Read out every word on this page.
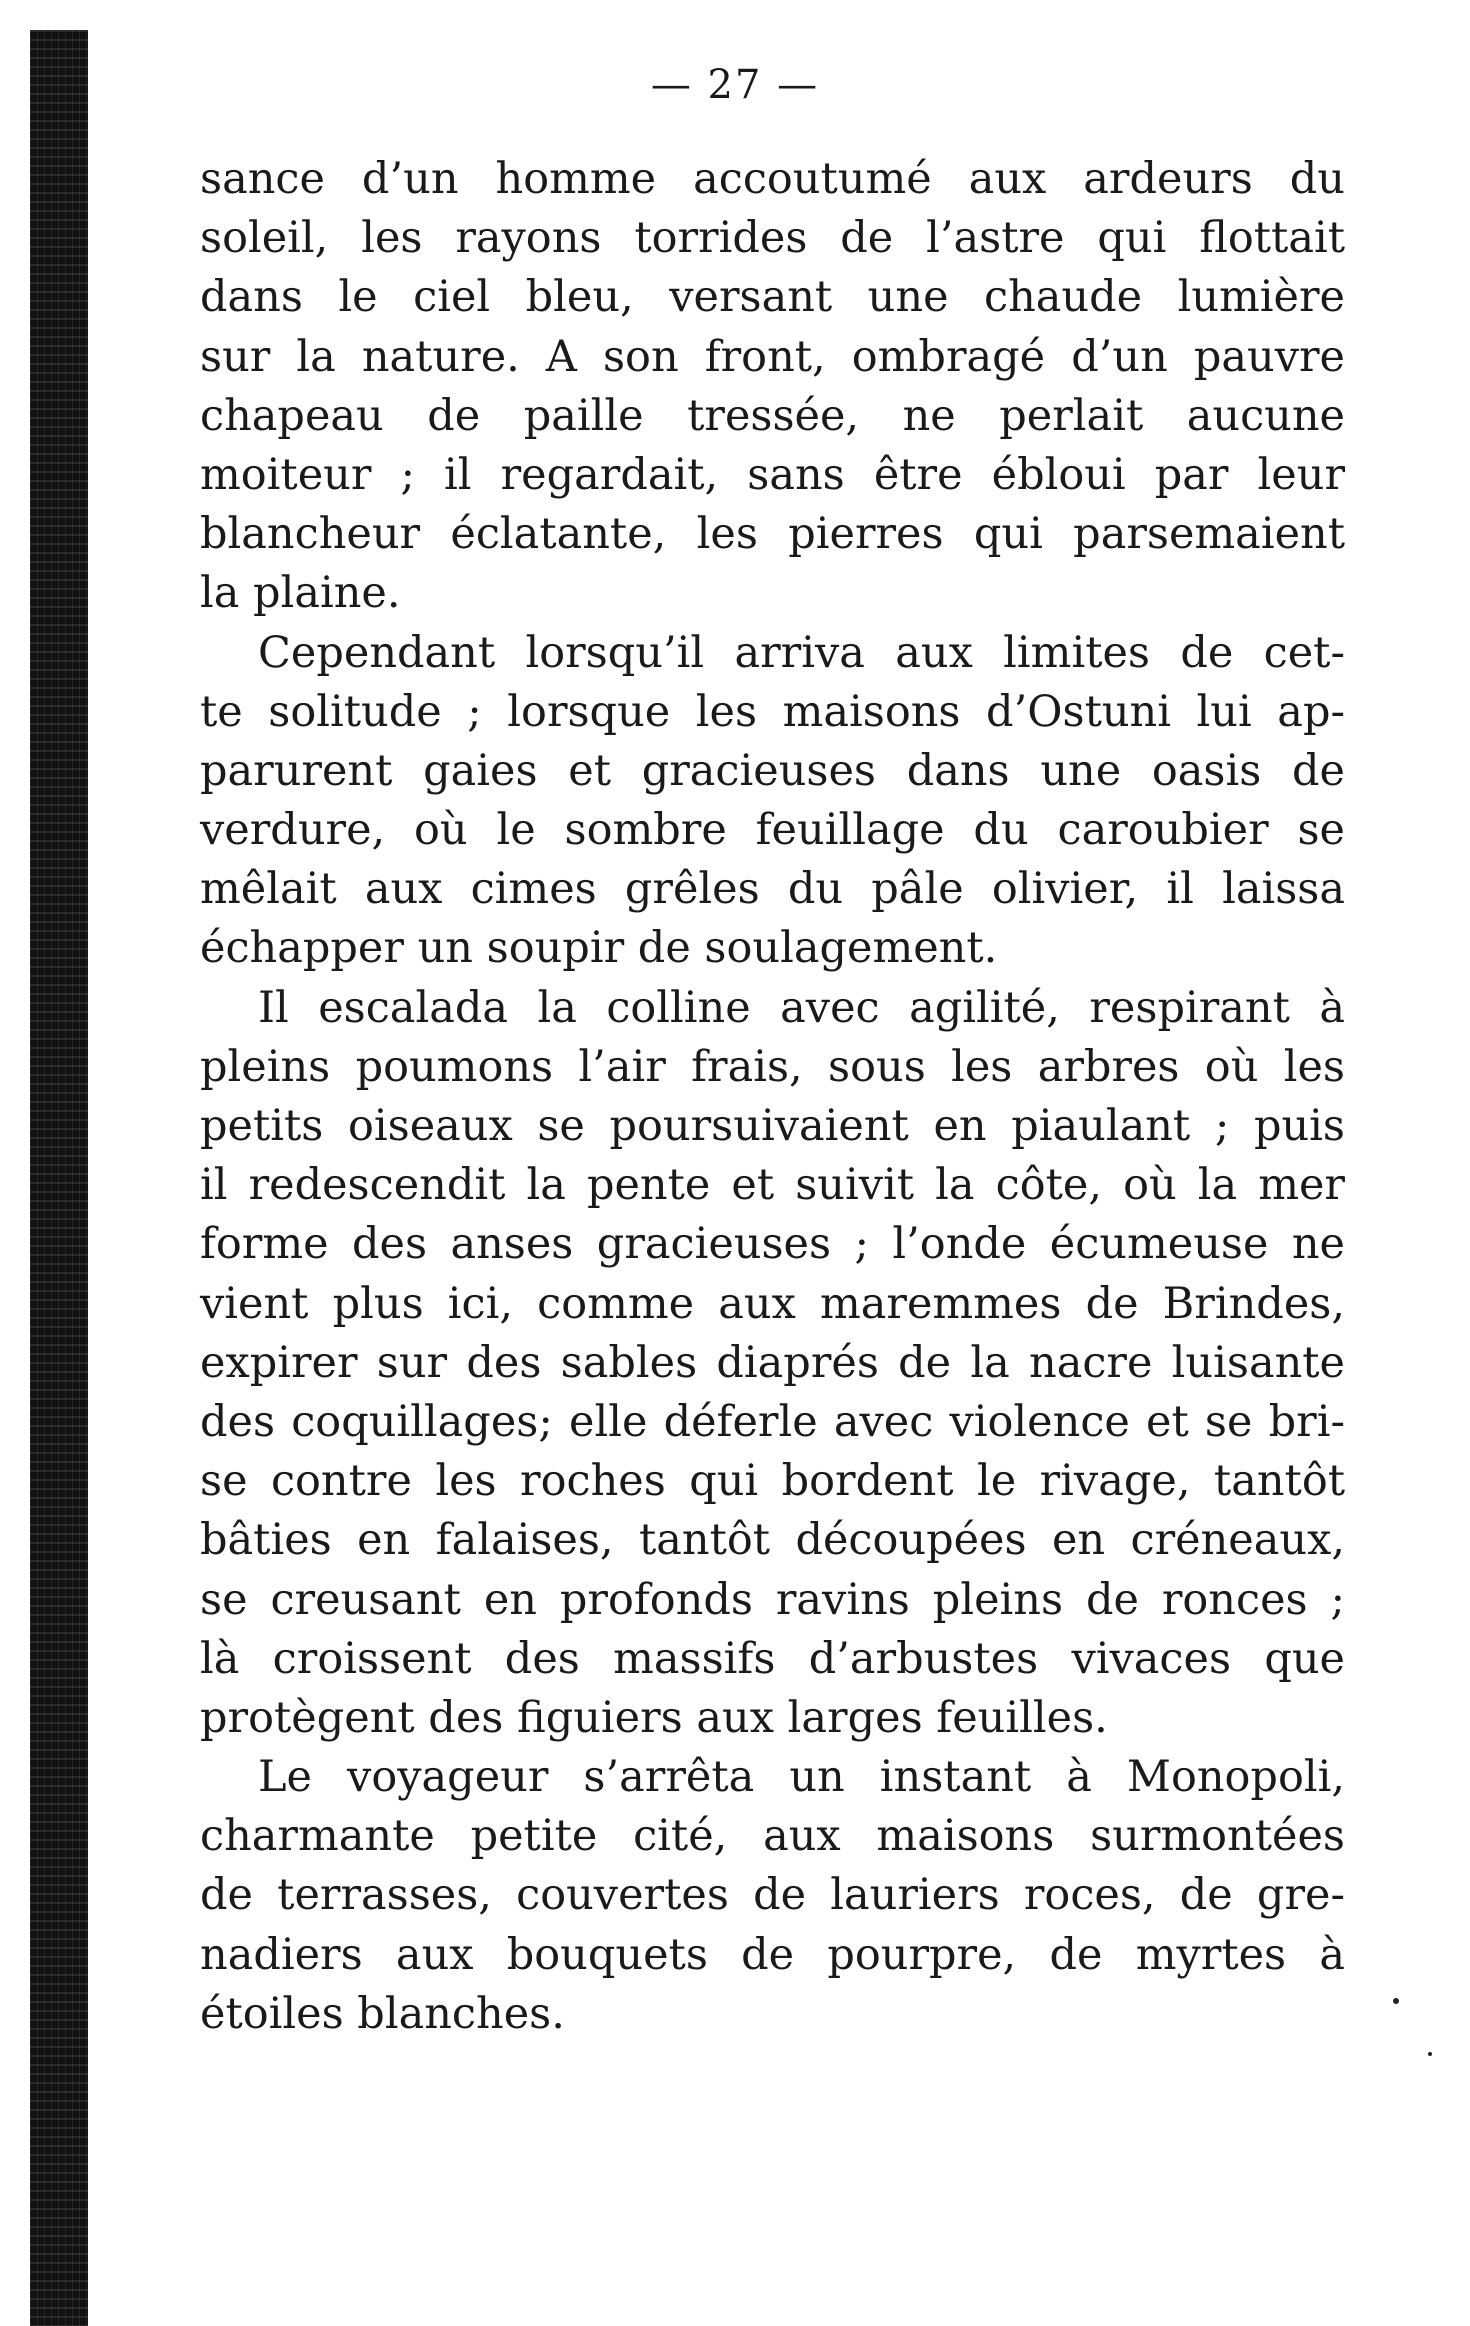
— 27 —
sance d’un homme accoutumé aux ardeurs du
soleil, les rayons torrides de l’astre qui flottait
dans le ciel bleu, versant une chaude lumière
sur la nature. A son front, ombragé d’un pauvre
chapeau de paille tressée, ne perlait aucune
moiteur ; il regardait, sans être ébloui par leur
blancheur éclatante, les pierres qui parsemaient
la plaine.
Cependant lorsqu’il arriva aux limites de cet-
te solitude ; lorsque les maisons d’Ostuni lui ap-
parurent gaies et gracieuses dans une oasis de
verdure, où le sombre feuillage du caroubier se
mêlait aux cimes grêles du pâle olivier, il laissa
échapper un soupir de soulagement.
Il escalada la colline avec agilité, respirant à
pleins poumons l’air frais, sous les arbres où les
petits oiseaux se poursuivaient en piaulant ; puis
il redescendit la pente et suivit la côte, où la mer
forme des anses gracieuses ; l’onde écumeuse ne
vient plus ici, comme aux maremmes de Brindes,
expirer sur des sables diaprés de la nacre luisante
des coquillages; elle déferle avec violence et se bri-
se contre les roches qui bordent le rivage, tantôt
bâties en falaises, tantôt découpées en créneaux,
se creusant en profonds ravins pleins de ronces ;
là croissent des massifs d’arbustes vivaces que
protègent des figuiers aux larges feuilles.
Le voyageur s’arrêta un instant à Monopoli,
charmante petite cité, aux maisons surmontées
de terrasses, couvertes de lauriers roces, de gre-
nadiers aux bouquets de pourpre, de myrtes à
étoiles blanches.
